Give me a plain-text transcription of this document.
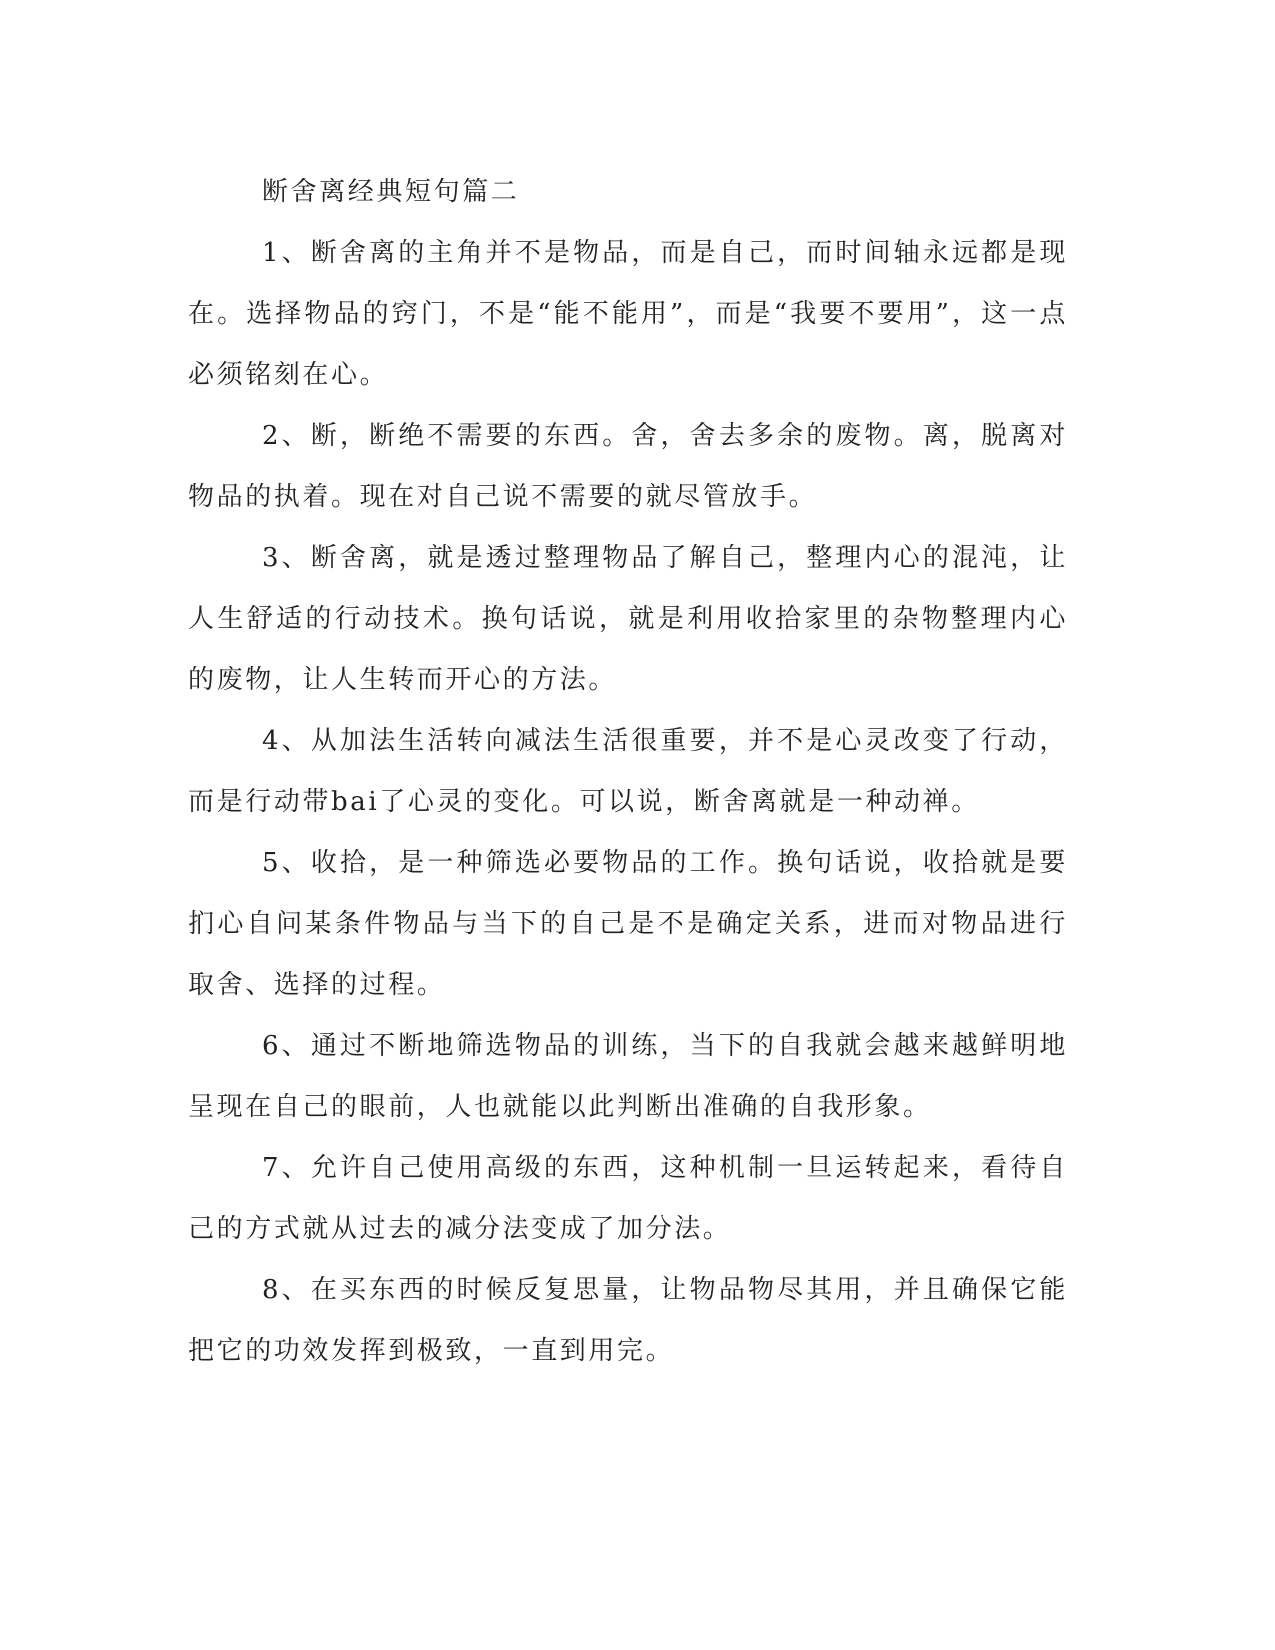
断舍离经典短句篇二

1、断舍离的主角并不是物品，而是自己，而时间轴永远都是现在。选择物品的窍门，不是“能不能用”，而是“我要不要用”，这一点必须铭刻在心。

2、断，断绝不需要的东西。舍，舍去多余的废物。离，脱离对物品的执着。现在对自己说不需要的就尽管放手。

3、断舍离，就是透过整理物品了解自己，整理内心的混沌，让人生舒适的行动技术。换句话说，就是利用收拾家里的杂物整理内心的废物，让人生转而开心的方法。

4、从加法生活转向减法生活很重要，并不是心灵改变了行动，而是行动带bai了心灵的变化。可以说，断舍离就是一种动禅。

5、收拾，是一种筛选必要物品的工作。换句话说，收拾就是要扪心自问某条件物品与当下的自己是不是确定关系，进而对物品进行取舍、选择的过程。

6、通过不断地筛选物品的训练，当下的自我就会越来越鲜明地呈现在自己的眼前，人也就能以此判断出准确的自我形象。

7、允许自己使用高级的东西，这种机制一旦运转起来，看待自己的方式就从过去的减分法变成了加分法。

8、在买东西的时候反复思量，让物品物尽其用，并且确保它能把它的功效发挥到极致，一直到用完。
